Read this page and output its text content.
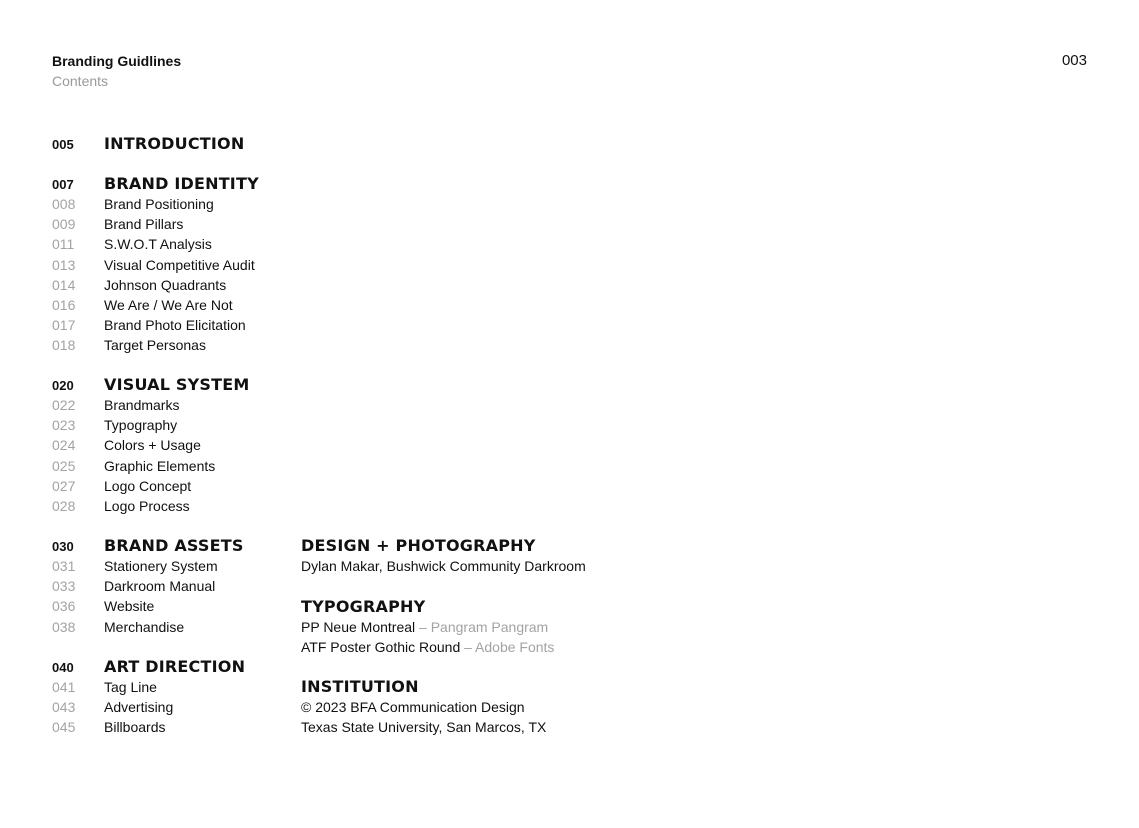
Branding Guidlines
Contents
003
005	INTRODUCTION
007	BRAND IDENTITY
008	Brand Positioning
009	Brand Pillars
011	S.W.O.T Analysis
013	Visual Competitive Audit
014	Johnson Quadrants
016	We Are / We Are Not
017	Brand Photo Elicitation
018	Target Personas
020	VISUAL SYSTEM
022	Brandmarks
023	Typography
024	Colors + Usage
025	Graphic Elements
027	Logo Concept
028	Logo Process
030	BRAND ASSETS
031	Stationery System
033	Darkroom Manual
036	Website
038	Merchandise
040	ART DIRECTION
041	Tag Line
043	Advertising
045	Billboards
DESIGN + PHOTOGRAPHY
Dylan Makar, Bushwick Community Darkroom
TYPOGRAPHY
PP Neue Montreal – Pangram Pangram
ATF Poster Gothic Round – Adobe Fonts
INSTITUTION
© 2023 BFA Communication Design
Texas State University, San Marcos, TX
